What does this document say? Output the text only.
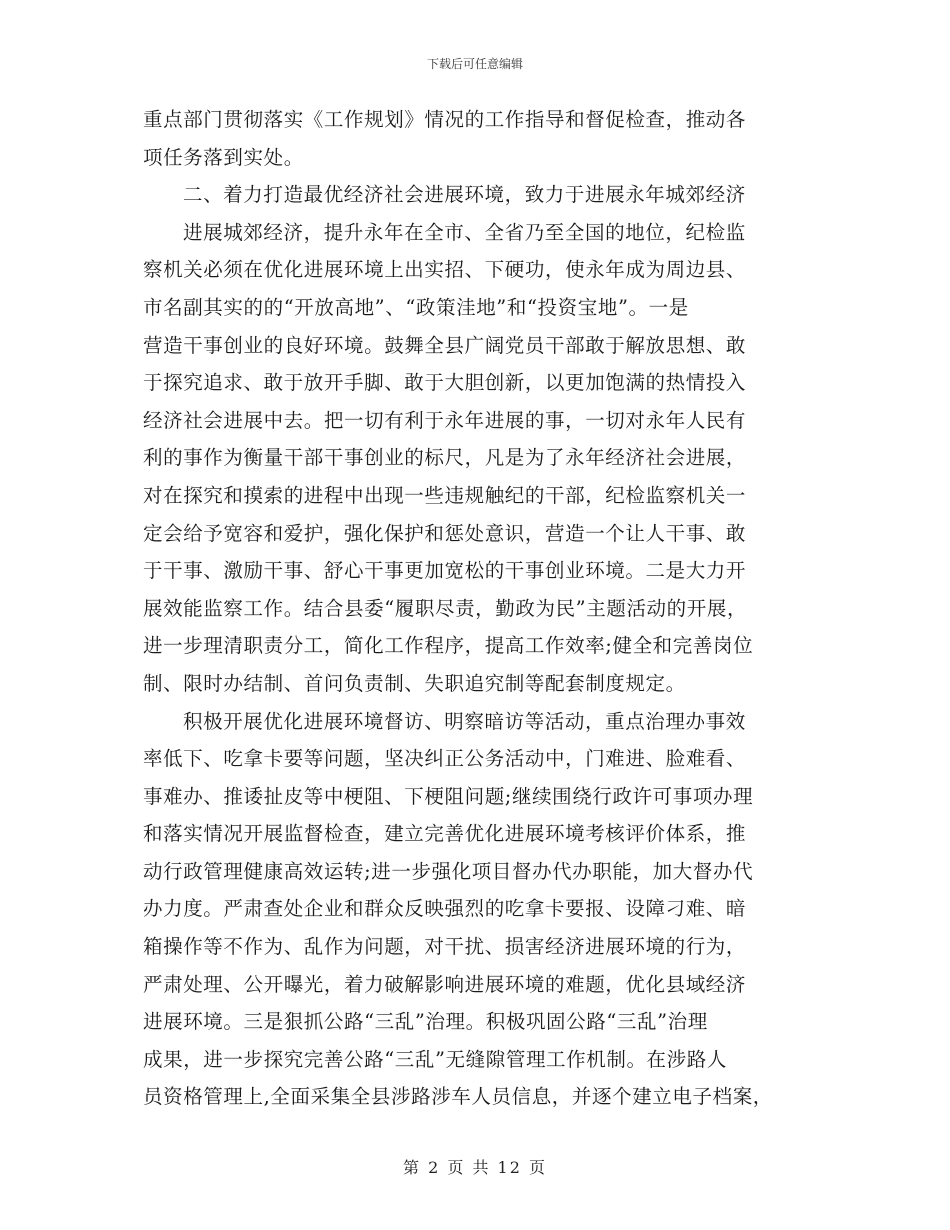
下载后可任意编辑
重点部门贯彻落实《工作规划》情况的工作指导和督促检查，推动各
项任务落到实处。
二、着力打造最优经济社会进展环境，致力于进展永年城郊经济
进展城郊经济，提升永年在全市、全省乃至全国的地位，纪检监
察机关必须在优化进展环境上出实招、下硬功，使永年成为周边县、
市名副其实的的“开放高地”、“政策洼地”和“投资宝地”。一是
营造干事创业的良好环境。鼓舞全县广阔党员干部敢于解放思想、敢
于探究追求、敢于放开手脚、敢于大胆创新，以更加饱满的热情投入
经济社会进展中去。把一切有利于永年进展的事，一切对永年人民有
利的事作为衡量干部干事创业的标尺，凡是为了永年经济社会进展，
对在探究和摸索的进程中出现一些违规触纪的干部，纪检监察机关一
定会给予宽容和爱护，强化保护和惩处意识，营造一个让人干事、敢
于干事、激励干事、舒心干事更加宽松的干事创业环境。二是大力开
展效能监察工作。结合县委“履职尽责，勤政为民”主题活动的开展，
进一步理清职责分工，简化工作程序，提高工作效率;健全和完善岗位
制、限时办结制、首问负责制、失职追究制等配套制度规定。
积极开展优化进展环境督访、明察暗访等活动，重点治理办事效
率低下、吃拿卡要等问题，坚决纠正公务活动中，门难进、脸难看、
事难办、推诿扯皮等中梗阻、下梗阻问题;继续围绕行政许可事项办理
和落实情况开展监督检查，建立完善优化进展环境考核评价体系，推
动行政管理健康高效运转;进一步强化项目督办代办职能，加大督办代
办力度。严肃查处企业和群众反映强烈的吃拿卡要报、设障刁难、暗
箱操作等不作为、乱作为问题，对干扰、损害经济进展环境的行为，
严肃处理、公开曝光，着力破解影响进展环境的难题，优化县域经济
进展环境。三是狠抓公路“三乱”治理。积极巩固公路“三乱”治理
成果，进一步探究完善公路“三乱”无缝隙管理工作机制。在涉路人
员资格管理上,全面采集全县涉路涉车人员信息，并逐个建立电子档案，
第 2 页 共 12 页
